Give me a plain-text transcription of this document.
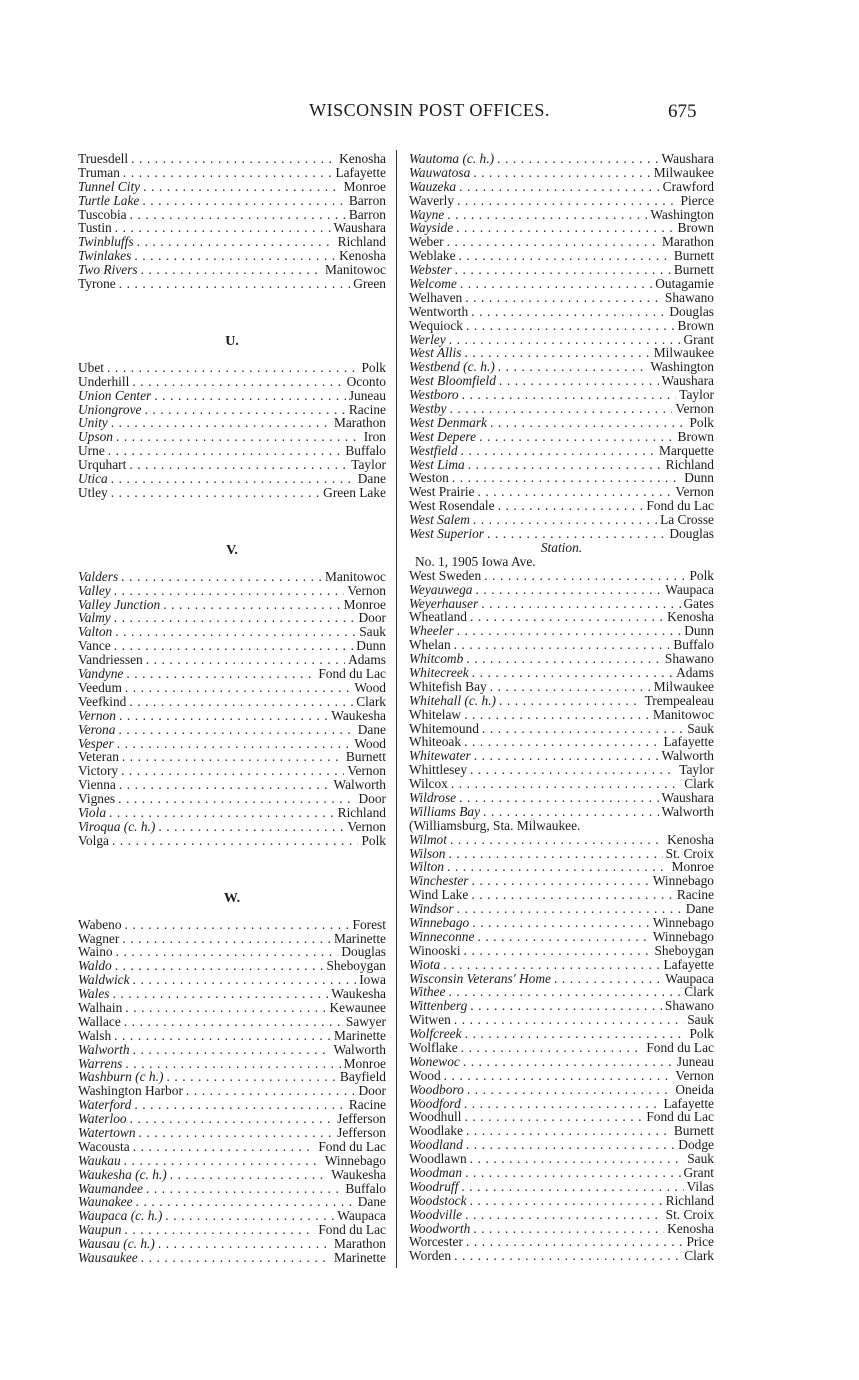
WISCONSIN POST OFFICES.	675
Truesdell . . .	Kenosha
Truman . . .	Lafayette
Tunnel City . . .	Monroe
Turtle Lake . . .	Barron
Tuscobia . . .	Barron
Tustin . . .	Waushara
Twinbluffs . . .	Richland
Twinlakes . . .	Kenosha
Two Rivers . . .	Manitowoc
Tyrone . . .	Green
U.
Ubet . . .	Polk
Underhill . . .	Oconto
Union Center . . .	Juneau
Uniongrove . . .	Racine
Unity . . .	Marathon
Upson . . .	Iron
Urne . . .	Buffalo
Urquhart . . .	Taylor
Utica . . .	Dane
Utley . . .	Green Lake
V.
Valders . . .	Manitowoc
Valley . . .	Vernon
Valley Junction . . .	Monroe
Valmy . . .	Door
Valton . . .	Sauk
Vance . . .	Dunn
Vandriessen . . .	Adams
Vandyne . . .	Fond du Lac
Veedum . . .	Wood
Veefkind . . .	Clark
Vernon . . .	Waukesha
Verona . . .	Dane
Vesper . . .	Wood
Veteran . . .	Burnett
Victory . . .	Vernon
Vienna . . .	Walworth
Vignes . . .	Door
Viola . . .	Richland
Viroqua (c. h.) . . .	Vernon
Volga . . .	Polk
W.
Wabeno . . .	Forest
Wagner . . .	Marinette
Waino . . .	Douglas
Waldo . . .	Sheboygan
Waldwick . . .	Iowa
Wales . . .	Waukesha
Walhain . . .	Kewaunee
Wallace . . .	Sawyer
Walsh . . .	Marinette
Walworth . . .	Walworth
Warrens . . .	Monroe
Washburn (c h.) . . .	Bayfield
Washington Harbor . . .	Door
Waterford . . .	Racine
Waterloo . . .	Jefferson
Watertown . . .	Jefferson
Wacousta . . .	Fond du Lac
Waukau . . .	Winnebago
Waukesha (c. h.) . . .	Waukesha
Waumandee . . .	Buffalo
Waunakee . . .	Dane
Waupaca (c. h.) . . .	Waupaca
Waupun . . .	Fond du Lac
Wausau (c. h.) . . .	Marathon
Wausaukee . . .	Marinette
Wautoma (c. h.) . . .	Waushara
Wauwatosa . . .	Milwaukee
Wauzeka . . .	Crawford
Waverly . . .	Pierce
Wayne . . .	Washington
Wayside . . .	Brown
Weber . . .	Marathon
Weblake . . .	Burnett
Webster . . .	Burnett
Welcome . . .	Outagamie
Welhaven . . .	Shawano
Wentworth . . .	Douglas
Wequiock . . .	Brown
Werley . . .	Grant
West Allis . . .	Milwaukee
Westbend (c. h.) . . .	Washington
West Bloomfield . . .	Waushara
Westboro . . .	Taylor
Westby . . .	Vernon
West Denmark . . .	Polk
West Depere . . .	Brown
Westfield . . .	Marquette
West Lima . . .	Richland
Weston . . .	Dunn
West Prairie . . .	Vernon
West Rosendale . . .	Fond du Lac
West Salem . . .	La Crosse
West Superior . . .	Douglas
Station.
No. 1, 1905 Iowa Ave.
West Sweden . . .	Polk
Weyauwega . . .	Waupaca
Weyerhauser . . .	Gates
Wheatland . . .	Kenosha
Wheeler . . .	Dunn
Whelan . . .	Buffalo
Whitcomb . . .	Shawano
Whitecreek . . .	Adams
Whitefish Bay . . .	Milwaukee
Whitehall (c. h.) . . .	Trempealeau
Whitelaw . . .	Manitowoc
Whitemound . . .	Sauk
Whiteoak . . .	Lafayette
Whitewater . . .	Walworth
Whittlesey . . .	Taylor
Wilcox . . .	Clark
Wildrose . . .	Waushara
Williams Bay . . .	Walworth
(Williamsburg, Sta. Milwaukee.
Wilmot . . .	Kenosha
Wilson . . .	St. Croix
Wilton . . .	Monroe
Winchester . . .	Winnebago
Wind Lake . . .	Racine
Windsor . . .	Dane
Winnebago . . .	Winnebago
Winneconne . . .	Winnebago
Winooski . . .	Sheboygan
Wiota . . .	Lafayette
Wisconsin Veterans' Home . . .	Waupaca
Withee . . .	Clark
Wittenberg . . .	Shawano
Witwen . . .	Sauk
Wolfcreek . . .	Polk
Wolflake . . .	Fond du Lac
Wonewoc . . .	Juneau
Wood . . .	Vernon
Woodboro . . .	Oneida
Woodford . . .	Lafayette
Woodhull . . .	Fond du Lac
Woodlake . . .	Burnett
Woodland . . .	Dodge
Woodlawn . . .	Sauk
Woodman . . .	Grant
Woodruff . . .	Vilas
Woodstock . . .	Richland
Woodville . . .	St. Croix
Woodworth . . .	Kenosha
Worcester . . .	Price
Worden . . .	Clark
